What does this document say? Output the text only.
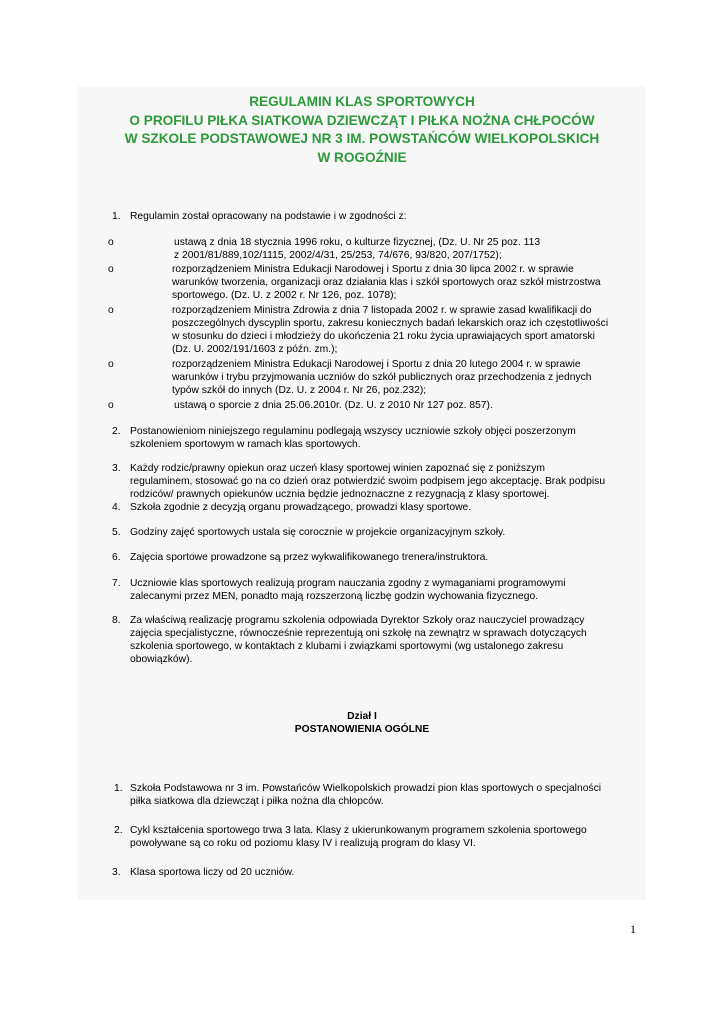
REGULAMIN KLAS SPORTOWYCH
O PROFILU PIŁKA SIATKOWA DZIEWCZĄT I PIŁKA NOŻNA CHŁPOCÓW
W SZKOLE PODSTAWOWEJ NR 3 IM. POWSTAŃCÓW WIELKOPOLSKICH
W ROGOŹNIE
1. Regulamin został opracowany na podstawie i w zgodności z:
o	ustawą z dnia 18 stycznia 1996 roku, o kulturze fizycznej, (Dz. U. Nr 25 poz. 113
z 2001/81/889,102/1115, 2002/4/31, 25/253, 74/676, 93/820, 207/1752);
o	rozporządzeniem Ministra Edukacji Narodowej i Sportu z dnia 30 lipca 2002 r. w sprawie
warunków tworzenia, organizacji oraz działania klas i szkół sportowych oraz szkół mistrzostwa
sportowego. (Dz. U. z 2002 r. Nr 126, poz. 1078);
o	rozporządzeniem Ministra Zdrowia z dnia 7 listopada 2002 r. w sprawie zasad kwalifikacji do
poszczególnych dyscyplin sportu, zakresu koniecznych badań lekarskich oraz ich częstotliwości
w stosunku do dzieci i młodzieży do ukończenia 21 roku życia uprawiających sport amatorski
(Dz. U. 2002/191/1603 z późn. zm.);
o	rozporządzeniem Ministra Edukacji Narodowej i Sportu z dnia 20 lutego 2004 r. w sprawie
warunków i trybu przyjmowania uczniów do szkół publicznych oraz przechodzenia z jednych
typów szkół do innych (Dz. U. z 2004 r. Nr 26, poz.232);
o	ustawą o sporcie z dnia 25.06.2010r. (Dz. U. z 2010 Nr 127 poz. 857).
2. Postanowieniom niniejszego regulaminu podlegają wszyscy uczniowie szkoły objęci poszerzonym
szkoleniem sportowym w ramach klas sportowych.
3. Każdy rodzic/prawny opiekun oraz uczeń klasy sportowej winien zapoznać się z poniższym
regulaminem, stosować go na co dzień oraz potwierdzić swoim podpisem jego akceptację. Brak podpisu
rodziców/ prawnych opiekunów ucznia będzie jednoznaczne z rezygnacją z klasy sportowej.
4. Szkoła zgodnie z decyzją organu prowadzącego, prowadzi klasy sportowe.
5. Godziny zajęć sportowych ustala się corocznie w projekcie organizacyjnym szkoły.
6. Zajęcia sportowe prowadzone są przez wykwalifikowanego trenera/instruktora.
7. Uczniowie klas sportowych realizują program nauczania zgodny z wymaganiami programowymi
zalecanymi przez MEN, ponadto mają rozszerzoną liczbę godzin wychowania fizycznego.
8. Za właściwą realizację programu szkolenia odpowiada Dyrektor Szkoły oraz nauczyciel prowadzący
zajęcia specjalistyczne, równocześnie reprezentują oni szkołę na zewnątrz w sprawach dotyczących
szkolenia sportowego, w kontaktach z klubami i związkami sportowymi (wg ustalonego zakresu
obowiązków).
Dział I
POSTANOWIENIA OGÓLNE
1. Szkoła Podstawowa nr 3 im. Powstańców Wielkopolskich prowadzi pion klas sportowych o specjalności
piłka siatkowa dla dziewcząt i piłka nożna dla chłopców.
2. Cykl kształcenia sportowego trwa 3 lata. Klasy z ukierunkowanym programem szkolenia sportowego
powoływane są co roku od poziomu klasy IV i realizują program do klasy VI.
3. Klasa sportowa liczy od 20 uczniów.
1
